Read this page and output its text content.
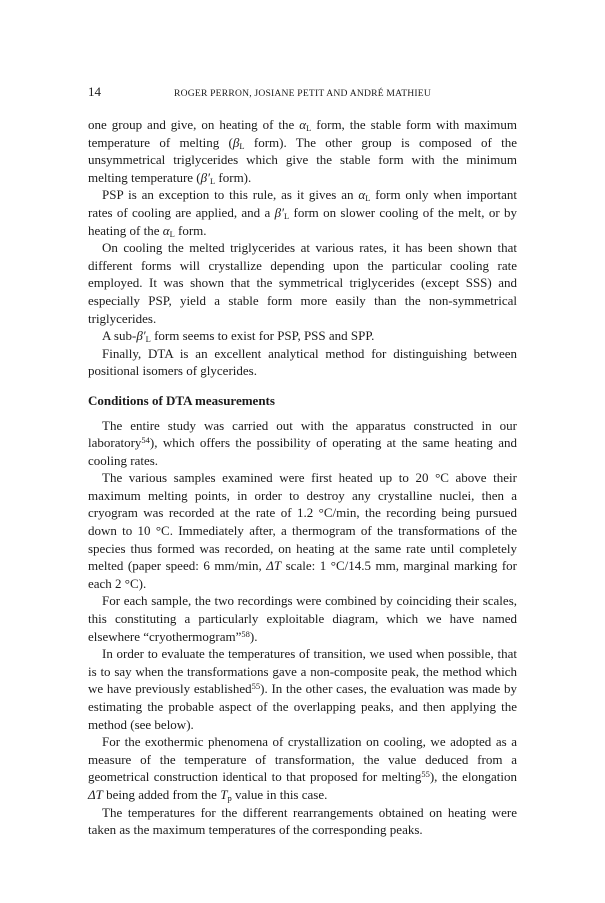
14	ROGER PERRON, JOSIANE PETIT AND ANDRÉ MATHIEU

one group and give, on heating of the $\alpha_L$ form, the stable form with maximum temperature of melting ($\beta_L$ form). The other group is composed of the unsymmetrical triglycerides which give the stable form with the minimum melting temperature ($\beta'_L$ form).

PSP is an exception to this rule, as it gives an $\alpha_L$ form only when important rates of cooling are applied, and a $\beta'_L$ form on slower cooling of the melt, or by heating of the $\alpha_L$ form.

On cooling the melted triglycerides at various rates, it has been shown that different forms will crystallize depending upon the particular cooling rate employed. It was shown that the symmetrical triglycerides (except SSS) and especially PSP, yield a stable form more easily than the non-symmetrical triglycerides.

A sub-$\beta'_L$ form seems to exist for PSP, PSS and SPP.

Finally, DTA is an excellent analytical method for distinguishing between positional isomers of glycerides.

Conditions of DTA measurements

The entire study was carried out with the apparatus constructed in our laboratory$^{54}$), which offers the possibility of operating at the same heating and cooling rates.

The various samples examined were first heated up to 20 °C above their maximum melting points, in order to destroy any crystalline nuclei, then a cryogram was recorded at the rate of 1.2 °C/min, the recording being pursued down to 10 °C. Immediately after, a thermogram of the transformations of the species thus formed was recorded, on heating at the same rate until completely melted (paper speed: 6 mm/min, ΔT scale: 1 °C/14.5 mm, marginal marking for each 2 °C).

For each sample, the two recordings were combined by coinciding their scales, this constituting a particularly exploitable diagram, which we have named elsewhere “cryothermogram”$^{58}$).

In order to evaluate the temperatures of transition, we used when possible, that is to say when the transformations gave a non-composite peak, the method which we have previously established$^{55}$). In the other cases, the evaluation was made by estimating the probable aspect of the overlapping peaks, and then applying the method (see below).

For the exothermic phenomena of crystallization on cooling, we adopted as a measure of the temperature of transformation, the value deduced from a geometrical construction identical to that proposed for melting$^{55}$), the elongation ΔT being added from the $T_p$ value in this case.

The temperatures for the different rearrangements obtained on heating were taken as the maximum temperatures of the corresponding peaks.
